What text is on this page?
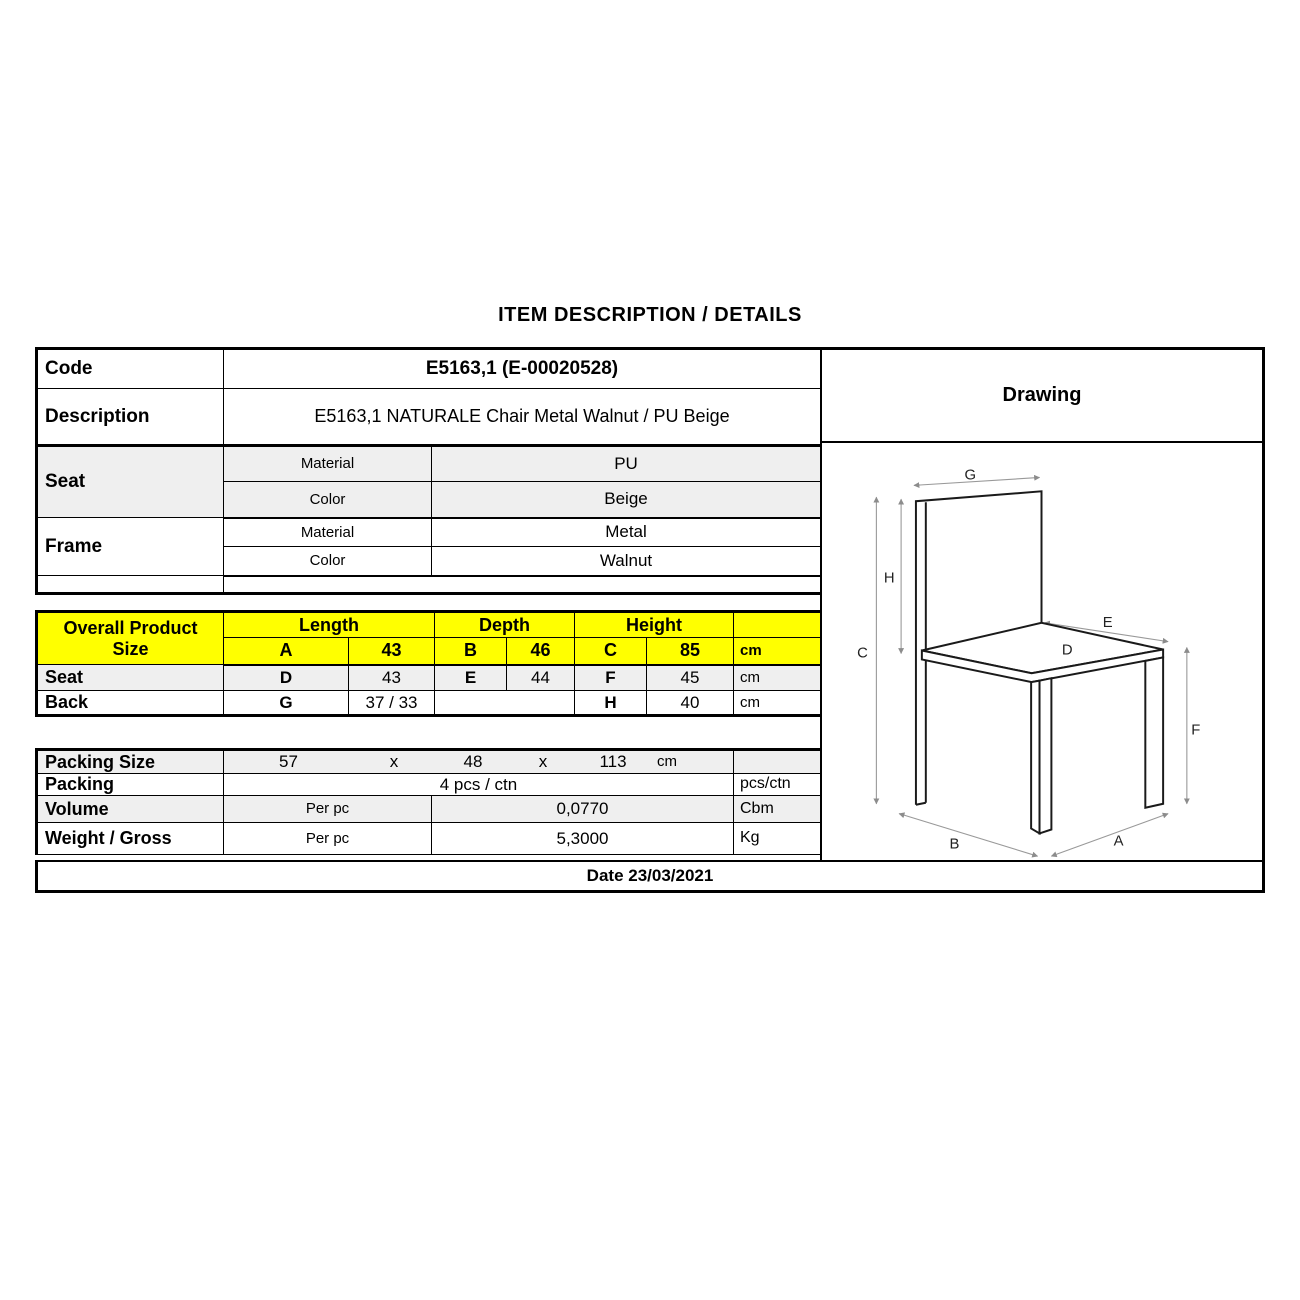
ITEM DESCRIPTION / DETAILS
Code	E5163,1 (E-00020528)	
Description	E5163,1 NATURALE Chair Metal Walnut / PU Beige	
Seat	Material	PU
	Color	Beige
Frame	Material	Metal
	Color	Walnut

Overall Product
Size	Length		Depth		Height		
	A	43	B	46	C	85	cm
Seat	D	43	E	44	F	45	cm
Back	G	37 / 33			H	40	cm
Packing Size	57	x	48	x	113	cm

Packing	4 pcs / ctn		pcs/ctn
Volume	Per pc	0,0770	Cbm
Weight / Gross	Per pc	5,3000	Kg
Date 23/03/2021
Drawing
G
H
C
E
D
F
B	A
